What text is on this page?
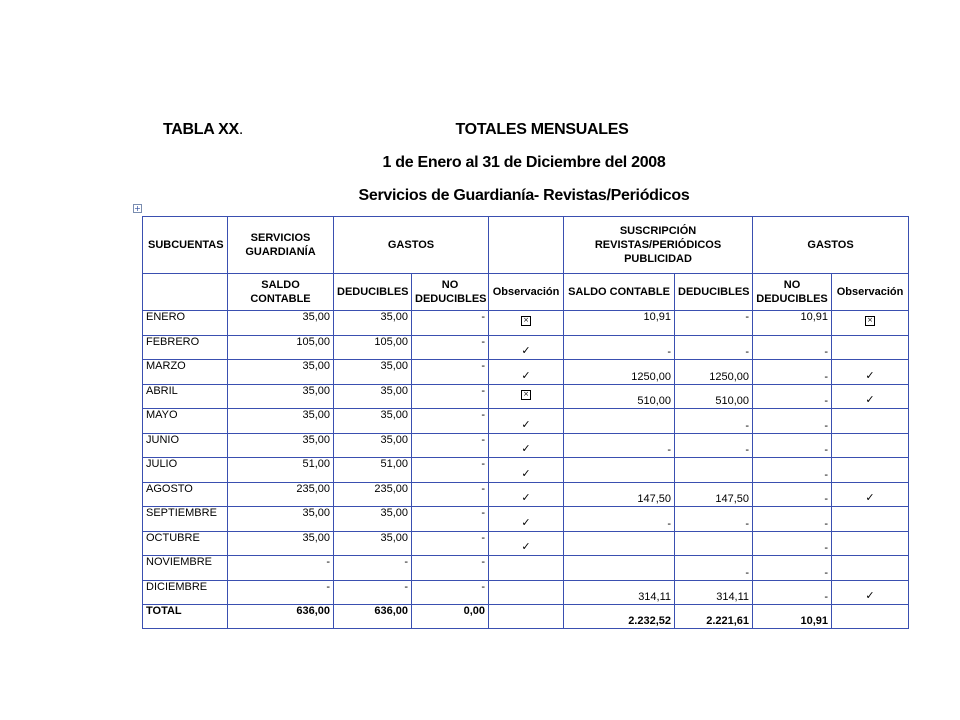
TABLA XX.	TOTALES MENSUALES
1 de Enero al 31 de Diciembre del 2008
Servicios de Guardianía- Revistas/Periódicos
+
SUBCUENTAS	SERVICIOS GUARDIANÍA	GASTOS			SUSCRIPCIÓN REVISTAS/PERIÓDICOS PUBLICIDAD		GASTOS	
	SALDO CONTABLE	DEDUCIBLES	NO DEDUCIBLES	Observación	SALDO CONTABLE	DEDUCIBLES	NO DEDUCIBLES	Observación
ENERO	35,00	35,00	-	×	10,91	-	10,91	×
FEBRERO	105,00	105,00	-	✓	-	-	-	
MARZO	35,00	35,00	-	✓	1250,00	1250,00	-	✓
ABRIL	35,00	35,00	-	×	510,00	510,00	-	✓
MAYO	35,00	35,00	-	✓		-	-	
JUNIO	35,00	35,00	-	✓	-	-	-	
JULIO	51,00	51,00	-	✓			-	
AGOSTO	235,00	235,00	-	✓	147,50	147,50	-	✓
SEPTIEMBRE	35,00	35,00	-	✓	-	-	-	
OCTUBRE	35,00	35,00	-	✓			-	
NOVIEMBRE	-	-	-			-	-	
DICIEMBRE	-	-	-		314,11	314,11	-	✓
TOTAL	636,00	636,00	0,00		2.232,52	2.221,61	10,91	
